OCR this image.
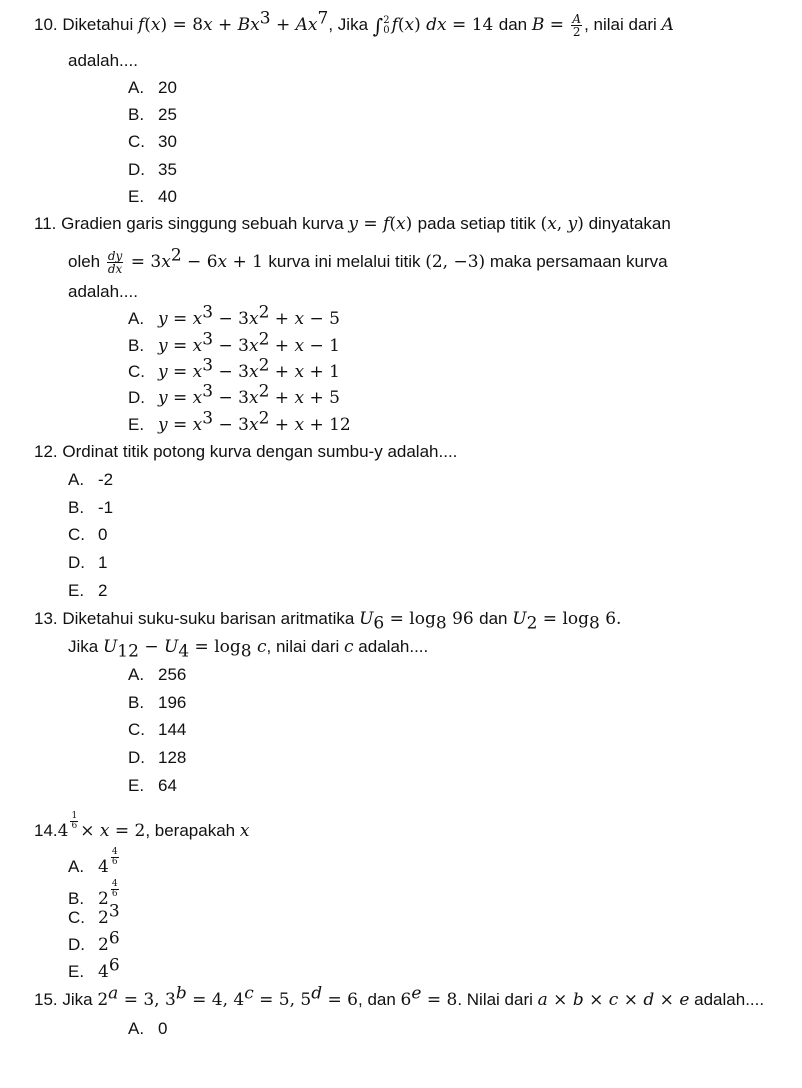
10. Diketahui $f(x) = 8x + Bx^3 + Ax^7$, Jika ∫ 2
0 f(x) dx = 14 dan $B = \frac{A}{2}$ , nilai dari A
adalah....
A. 20
B. 25
C. 30
D. 35
E. 40
11. Gradien garis singgung sebuah kurva y = f(x) pada setiap titik (x, y) dinyatakan
oleh $\frac{dy}{dx} = 3x^2 - 6x + 1$ kurva ini melalui titik (2, −3) maka persamaan kurva
adalah....
A. $y = x^3 - 3x^2 + x - 5$
B. $y = x^3 - 3x^2 + x - 1$
C. $y = x^3 - 3x^2 + x + 1$
D. $y = x^3 - 3x^2 + x + 5$
E. $y = x^3 - 3x^2 + x + 12$
12. Ordinat titik potong kurva dengan sumbu-y adalah....
A. -2
B. -1
C. 0
D. 1
E. 2
13. Diketahui suku-suku barisan aritmatika $U_6 = \log_8 96$ dan $U_2 = \log_8 6$.
Jika $U_{12} - U_4 = \log_8 c$, nilai dari c adalah....
A. 256
B. 196
C. 144
D. 128
E. 64
$14.4 \frac{1}{6} \times x = 2$, berapakah x
A. $4 \frac{4}{6}$
B. $2 \frac{4}{6}$
C. $2^3$
D. $2^6$
E. $4^6$
15. Jika $2^a = 3$, $3^b = 4$, $4^c = 5$, $5^d = 6$, dan $6^e = 8$. Nilai dari a × b × c × d × e adalah....
A. 0
